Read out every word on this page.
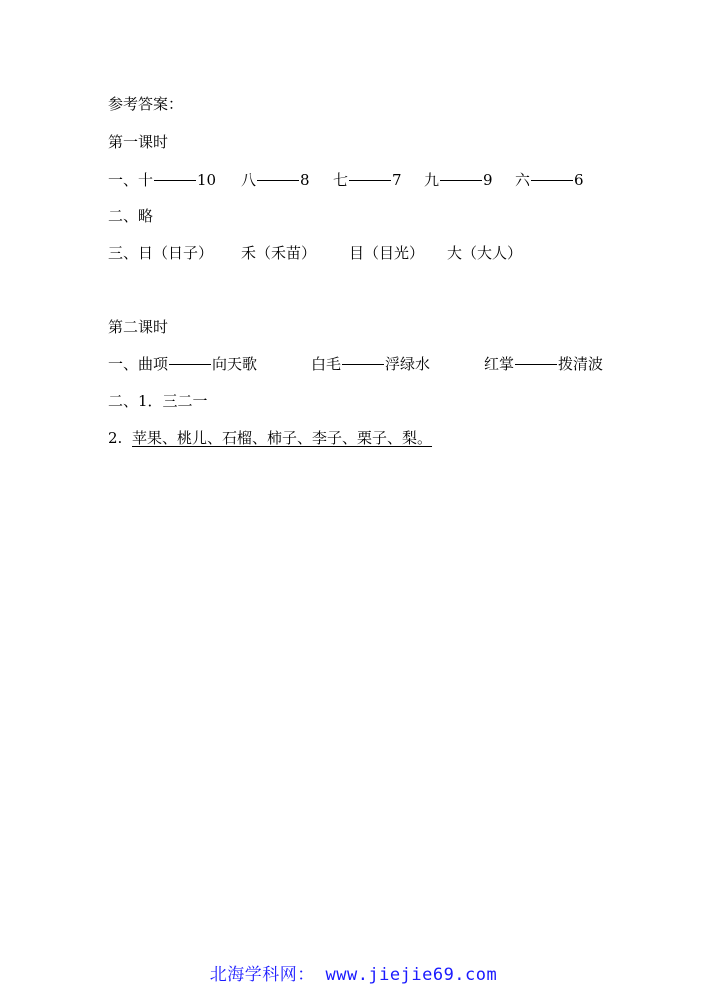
参考答案：
第一课时
一、 十	10 八	8 七	7 九	9 六	6
二、略
三、 日（日子） 禾（禾苗） 目（目光） 大（大人）
第二课时
一、 曲项	向天歌	白毛	浮绿水	红掌	拨清波
二、1．三二一
2. 苹果、桃儿、石榴、柿子、李子、栗子、梨。
北海学科网： www.jiejie69.com
